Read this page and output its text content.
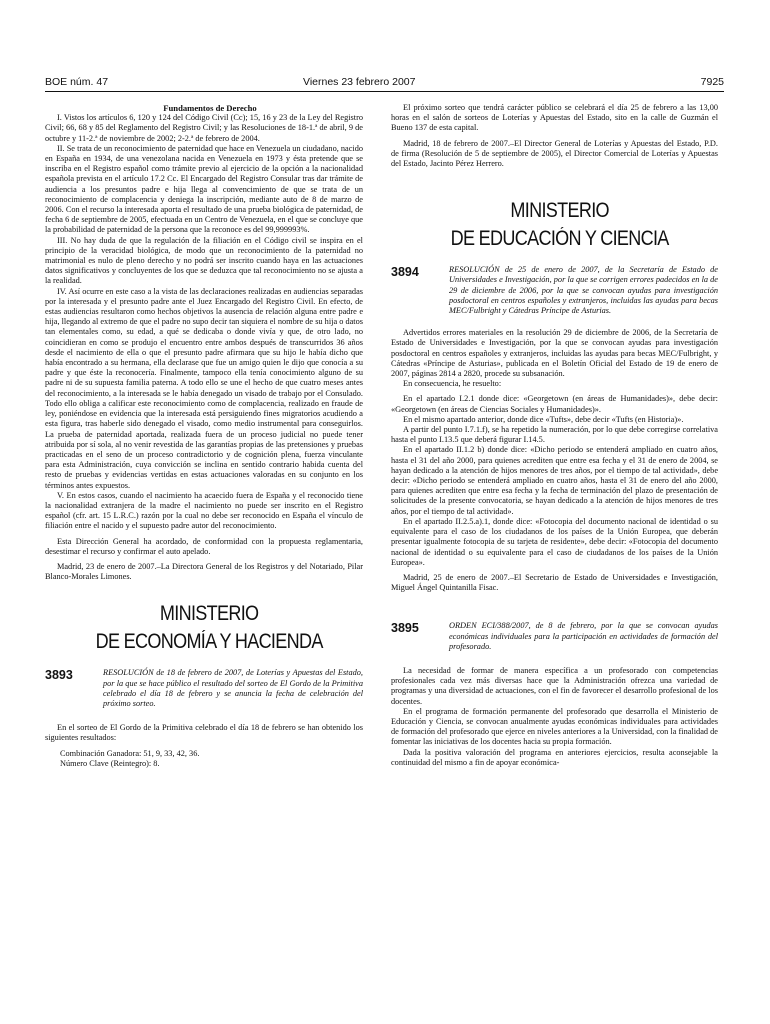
BOE núm. 47	Viernes 23 febrero 2007	7925

Fundamentos de Derecho

I. Vistos los artículos 6, 120 y 124 del Código Civil (Cc); 15, 16 y 23 de la Ley del Registro Civil; 66, 68 y 85 del Reglamento del Registro Civil; y las Resoluciones de 18-1.ª de abril, 9 de octubre y 11-2.ª de noviembre de 2002; 2-2.ª de febrero de 2004.

II. Se trata de un reconocimiento de paternidad que hace en Venezuela un ciudadano, nacido en España en 1934, de una venezolana nacida en Venezuela en 1973 y ésta pretende que se inscriba en el Registro español como trámite previo al ejercicio de la opción a la nacionalidad española prevista en el artículo 17.2 Cc. El Encargado del Registro Consular tras dar trámite de audiencia a los presuntos padre e hija llega al convencimiento de que se trata de un reconocimiento de complacencia y deniega la inscripción, mediante auto de 8 de marzo de 2006. Con el recurso la interesada aporta el resultado de una prueba biológica de paternidad, de fecha 6 de septiembre de 2005, efectuada en un Centro de Venezuela, en el que se concluye que la probabilidad de paternidad de la persona que la reconoce es del 99,999993%.

III. No hay duda de que la regulación de la filiación en el Código civil se inspira en el principio de la veracidad biológica, de modo que un reconocimiento de la paternidad no matrimonial es nulo de pleno derecho y no podrá ser inscrito cuando haya en las actuaciones datos significativos y concluyentes de los que se deduzca que tal reconocimiento no se ajusta a la realidad.

IV. Así ocurre en este caso a la vista de las declaraciones realizadas en audiencias separadas por la interesada y el presunto padre ante el Juez Encargado del Registro Civil. En efecto, de estas audiencias resultaron como hechos objetivos la ausencia de relación alguna entre padre e hija, llegando al extremo de que el padre no supo decir tan siquiera el nombre de su hija o datos tan elementales como, su edad, a qué se dedicaba o donde vivía y que, de otro lado, no coincidieran en como se produjo el encuentro entre ambos después de transcurridos 36 años desde el nacimiento de ella o que el presunto padre afirmara que su hijo le había dicho que había encontrado a su hermana, ella declarase que fue un amigo quien le dijo que conocía a su padre y que éste la reconocería. Finalmente, tampoco ella tenía conocimiento alguno de su padre ni de su supuesta familia paterna. A todo ello se une el hecho de que cuatro meses antes del reconocimiento, a la interesada se le había denegado un visado de trabajo por el Consulado. Todo ello obliga a calificar este reconocimiento como de complacencia, realizado en fraude de ley, poniéndose en evidencia que la interesada está persiguiendo fines migratorios acudiendo a esta figura, tras haberle sido denegado el visado, como medio instrumental para conseguirlos. La prueba de paternidad aportada, realizada fuera de un proceso judicial no puede tener atribuida por sí sola, al no venir revestida de las garantías propias de las pretensiones y pruebas practicadas en el seno de un proceso contradictorio y de cognición plena, fuerza vinculante para esta Administración, cuya convicción se inclina en sentido contrario habida cuenta del resto de pruebas y evidencias vertidas en estas actuaciones valoradas en su conjunto en los términos antes expuestos.

V. En estos casos, cuando el nacimiento ha acaecido fuera de España y el reconocido tiene la nacionalidad extranjera de la madre el nacimiento no puede ser inscrito en el Registro español (cfr. art. 15 L.R.C.) razón por la cual no debe ser reconocido en España el vínculo de filiación entre el nacido y el supuesto padre autor del reconocimiento.

Esta Dirección General ha acordado, de conformidad con la propuesta reglamentaria, desestimar el recurso y confirmar el auto apelado.

Madrid, 23 de enero de 2007.–La Directora General de los Registros y del Notariado, Pilar Blanco-Morales Limones.

MINISTERIO

DE ECONOMÍA Y HACIENDA

3893	RESOLUCIÓN de 18 de febrero de 2007, de Loterías y Apuestas del Estado, por la que se hace público el resultado del sorteo de El Gordo de la Primitiva celebrado el día 18 de febrero y se anuncia la fecha de celebración del próximo sorteo.

En el sorteo de El Gordo de la Primitiva celebrado el día 18 de febrero se han obtenido los siguientes resultados:

Combinación Ganadora: 51, 9, 33, 42, 36.

Número Clave (Reintegro): 8.

El próximo sorteo que tendrá carácter público se celebrará el día 25 de febrero a las 13,00 horas en el salón de sorteos de Loterías y Apuestas del Estado, sito en la calle de Guzmán el Bueno 137 de esta capital.

Madrid, 18 de febrero de 2007.–El Director General de Loterías y Apuestas del Estado, P.D. de firma (Resolución de 5 de septiembre de 2005), el Director Comercial de Loterías y Apuestas del Estado, Jacinto Pérez Herrero.

MINISTERIO

DE EDUCACIÓN Y CIENCIA

3894	RESOLUCIÓN de 25 de enero de 2007, de la Secretaría de Estado de Universidades e Investigación, por la que se corrigen errores padecidos en la de 29 de diciembre de 2006, por la que se convocan ayudas para investigación posdoctoral en centros españoles y extranjeros, incluidas las ayudas para becas MEC/Fulbright y Cátedras Príncipe de Asturias.

Advertidos errores materiales en la resolución 29 de diciembre de 2006, de la Secretaría de Estado de Universidades e Investigación, por la que se convocan ayudas para investigación posdoctoral en centros españoles y extranjeros, incluidas las ayudas para becas MEC/Fulbright, y Cátedras «Príncipe de Asturias», publicada en el Boletín Oficial del Estado de 19 de enero de 2007, páginas 2814 a 2820, procede su subsanación.

En consecuencia, he resuelto:

En el apartado I.2.1 donde dice: «Georgetown (en áreas de Humanidades)», debe decir: «Georgetown (en áreas de Ciencias Sociales y Humanidades)».

En el mismo apartado anterior, donde dice «Tufts», debe decir «Tufts (en Historia)».

A partir del punto I.7.1.f), se ha repetido la numeración, por lo que debe corregirse correlativa hasta el punto I.13.5 que deberá figurar I.14.5.

En el apartado II.1.2 b) donde dice: «Dicho periodo se entenderá ampliado en cuatro años, hasta el 31 del año 2000, para quienes acrediten que entre esa fecha y el 31 de enero de 2004, se hayan dedicado a la atención de hijos menores de tres años, por el tiempo de tal actividad», debe decir: «Dicho periodo se entenderá ampliado en cuatro años, hasta el 31 de enero del año 2000, para quienes acrediten que entre esa fecha y la fecha de terminación del plazo de presentación de solicitudes de la presente convocatoria, se hayan dedicado a la atención de hijos menores de tres años, por el tiempo de tal actividad».

En el apartado II.2.5.a).1, donde dice: «Fotocopia del documento nacional de identidad o su equivalente para el caso de los ciudadanos de los países de la Unión Europea, que deberán presentar igualmente fotocopia de su tarjeta de residente», debe decir: «Fotocopia del documento nacional de identidad o su equivalente para el caso de ciudadanos de los países de la Unión Europea».

Madrid, 25 de enero de 2007.–El Secretario de Estado de Universidades e Investigación, Miguel Ángel Quintanilla Fisac.

3895	ORDEN ECI/388/2007, de 8 de febrero, por la que se convocan ayudas económicas individuales para la participación en actividades de formación del profesorado.

La necesidad de formar de manera específica a un profesorado con competencias profesionales cada vez más diversas hace que la Administración ofrezca una variedad de programas y una diversidad de actuaciones, con el fin de favorecer el desarrollo profesional de los docentes.

En el programa de formación permanente del profesorado que desarrolla el Ministerio de Educación y Ciencia, se convocan anualmente ayudas económicas individuales para actividades de formación del profesorado que ejerce en niveles anteriores a la Universidad, con la finalidad de fomentar las iniciativas de los docentes hacia su propia formación.

Dada la positiva valoración del programa en anteriores ejercicios, resulta aconsejable la continuidad del mismo a fin de apoyar económica-
